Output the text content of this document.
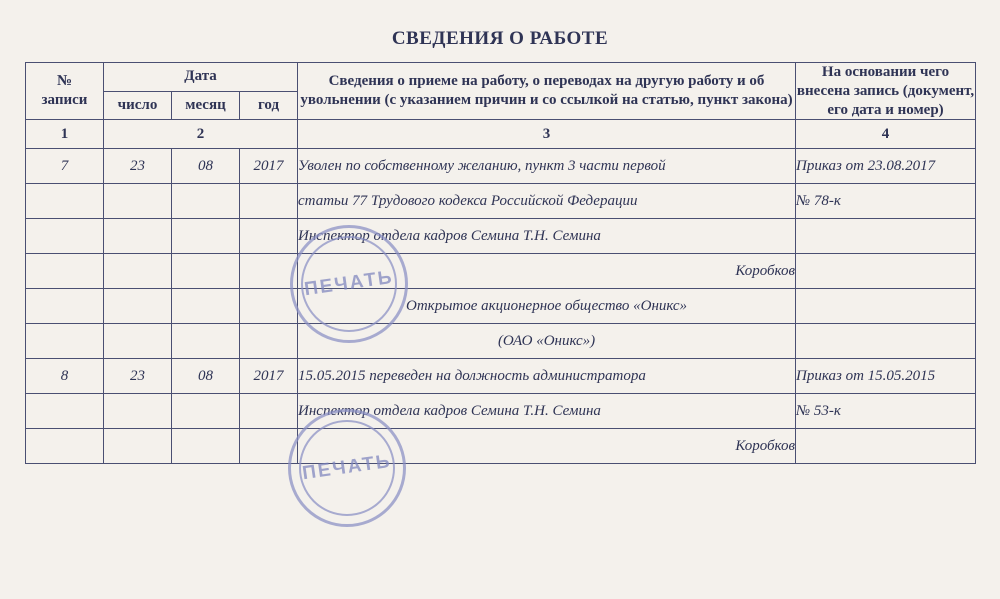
СВЕДЕНИЯ О РАБОТЕ
№
записи	Дата			Сведения о приеме на работу, о переводах на другую работу и об увольнении (с указанием причин и со ссылкой на статью, пункт закона)	На основании чего внесена запись (документ, его дата и номер)
	число	месяц	год		
1	2			3	4
7	23	08	2017	Уволен по собственному желанию, пункт 3 части первой	Приказ от 23.08.2017
				статьи 77 Трудового кодекса Российской Федерации	№ 78-к
				Инспектор отдела кадров Семина Т.Н. Семина	
				Коробков	
				Открытое акционерное общество «Оникс»	
				(ОАО «Оникс»)	
8	23	08	2017	15.05.2015 переведен на должность администратора	Приказ от 15.05.2015
				Инспектор отдела кадров Семина Т.Н. Семина	№ 53-к
				Коробков	
ПЕЧАТЬ
ПЕЧАТЬ
